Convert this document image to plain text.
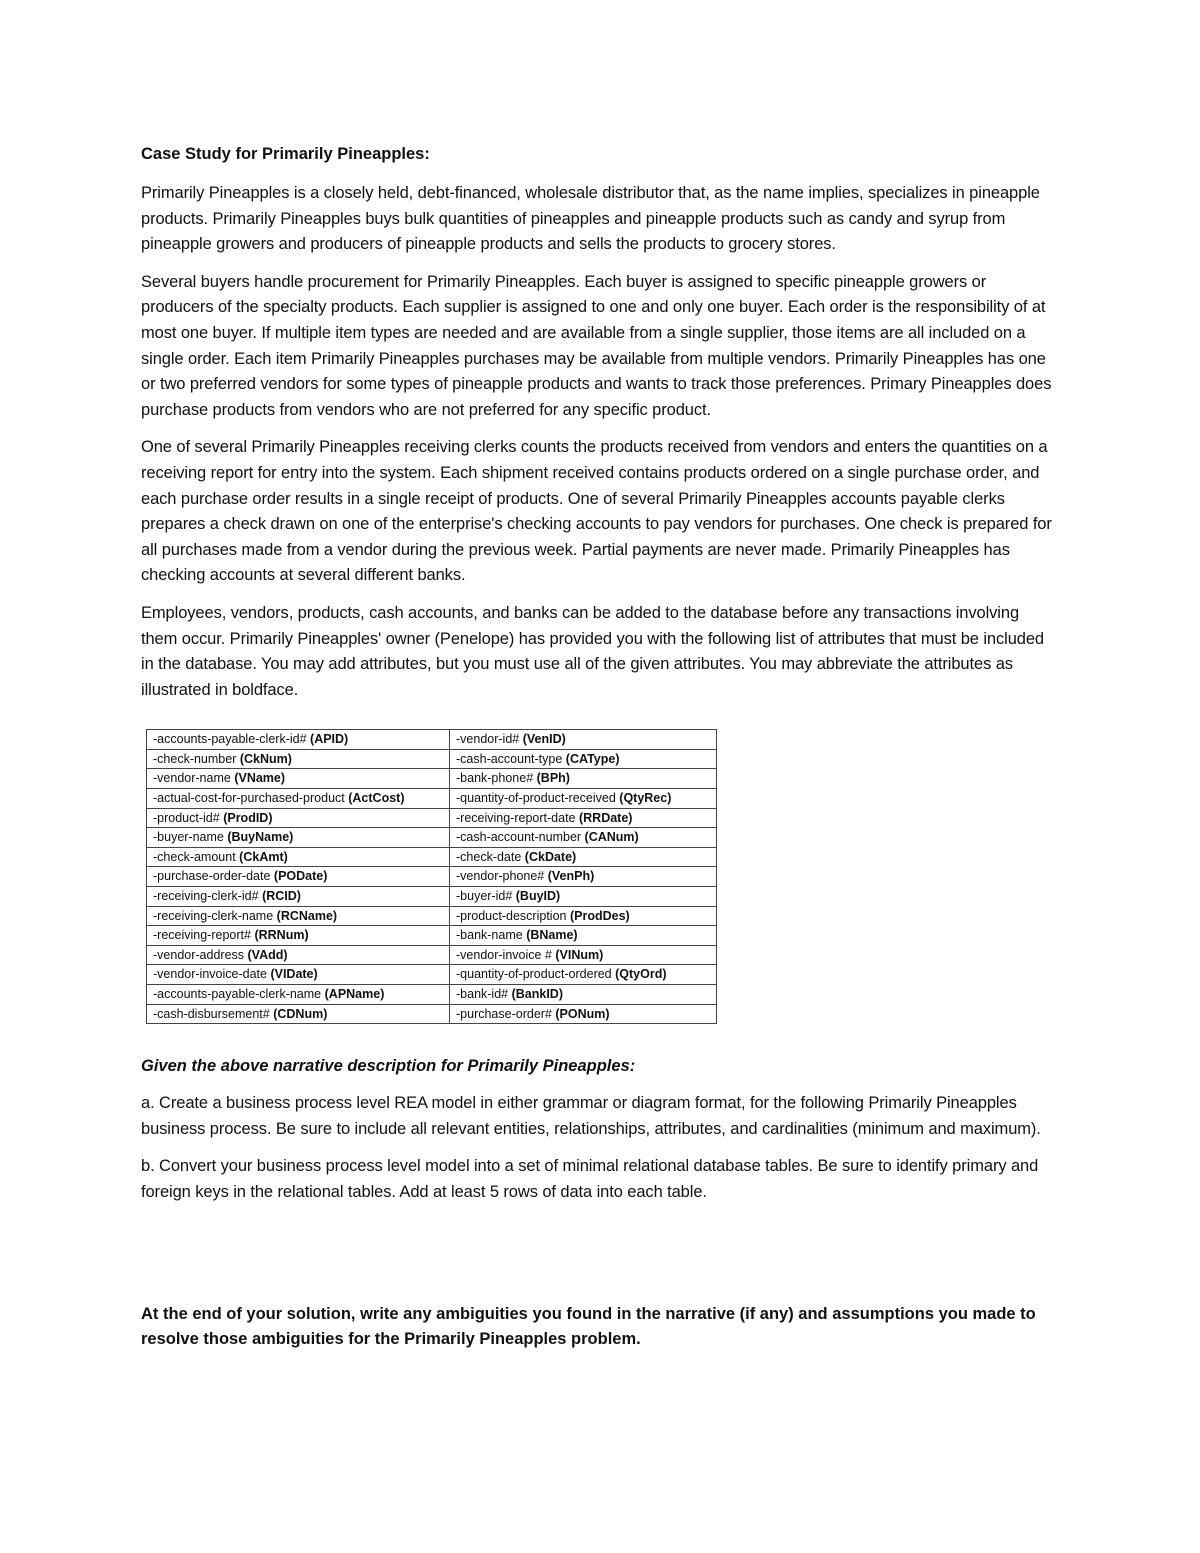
Case Study for Primarily Pineapples:

Primarily Pineapples is a closely held, debt-financed, wholesale distributor that, as the name implies, specializes in pineapple products. Primarily Pineapples buys bulk quantities of pineapples and pineapple products such as candy and syrup from pineapple growers and producers of pineapple products and sells the products to grocery stores.

Several buyers handle procurement for Primarily Pineapples. Each buyer is assigned to specific pineapple growers or producers of the specialty products. Each supplier is assigned to one and only one buyer. Each order is the responsibility of at most one buyer. If multiple item types are needed and are available from a single supplier, those items are all included on a single order. Each item Primarily Pineapples purchases may be available from multiple vendors. Primarily Pineapples has one or two preferred vendors for some types of pineapple products and wants to track those preferences. Primary Pineapples does purchase products from vendors who are not preferred for any specific product.

One of several Primarily Pineapples receiving clerks counts the products received from vendors and enters the quantities on a receiving report for entry into the system. Each shipment received contains products ordered on a single purchase order, and each purchase order results in a single receipt of products. One of several Primarily Pineapples accounts payable clerks prepares a check drawn on one of the enterprise's checking accounts to pay vendors for purchases. One check is prepared for all purchases made from a vendor during the previous week. Partial payments are never made. Primarily Pineapples has checking accounts at several different banks.

Employees, vendors, products, cash accounts, and banks can be added to the database before any transactions involving them occur. Primarily Pineapples' owner (Penelope) has provided you with the following list of attributes that must be included in the database. You may add attributes, but you must use all of the given attributes. You may abbreviate the attributes as illustrated in boldface.

-accounts-payable-clerk-id# (APID)	-vendor-id# (VenID)
-check-number (CkNum)	-cash-account-type (CAType)
-vendor-name (VName)	-bank-phone# (BPh)
-actual-cost-for-purchased-product (ActCost)	-quantity-of-product-received (QtyRec)
-product-id# (ProdID)	-receiving-report-date (RRDate)
-buyer-name (BuyName)	-cash-account-number (CANum)
-check-amount (CkAmt)	-check-date (CkDate)
-purchase-order-date (PODate)	-vendor-phone# (VenPh)
-receiving-clerk-id# (RCID)	-buyer-id# (BuyID)
-receiving-clerk-name (RCName)	-product-description (ProdDes)
-receiving-report# (RRNum)	-bank-name (BName)
-vendor-address (VAdd)	-vendor-invoice # (VINum)
-vendor-invoice-date (VIDate)	-quantity-of-product-ordered (QtyOrd)
-accounts-payable-clerk-name (APName)	-bank-id# (BankID)
-cash-disbursement# (CDNum)	-purchase-order# (PONum)
Given the above narrative description for Primarily Pineapples:

a. Create a business process level REA model in either grammar or diagram format, for the following Primarily Pineapples business process. Be sure to include all relevant entities, relationships, attributes, and cardinalities (minimum and maximum).

b. Convert your business process level model into a set of minimal relational database tables. Be sure to identify primary and foreign keys in the relational tables. Add at least 5 rows of data into each table.

At the end of your solution, write any ambiguities you found in the narrative (if any) and assumptions you made to resolve those ambiguities for the Primarily Pineapples problem.
